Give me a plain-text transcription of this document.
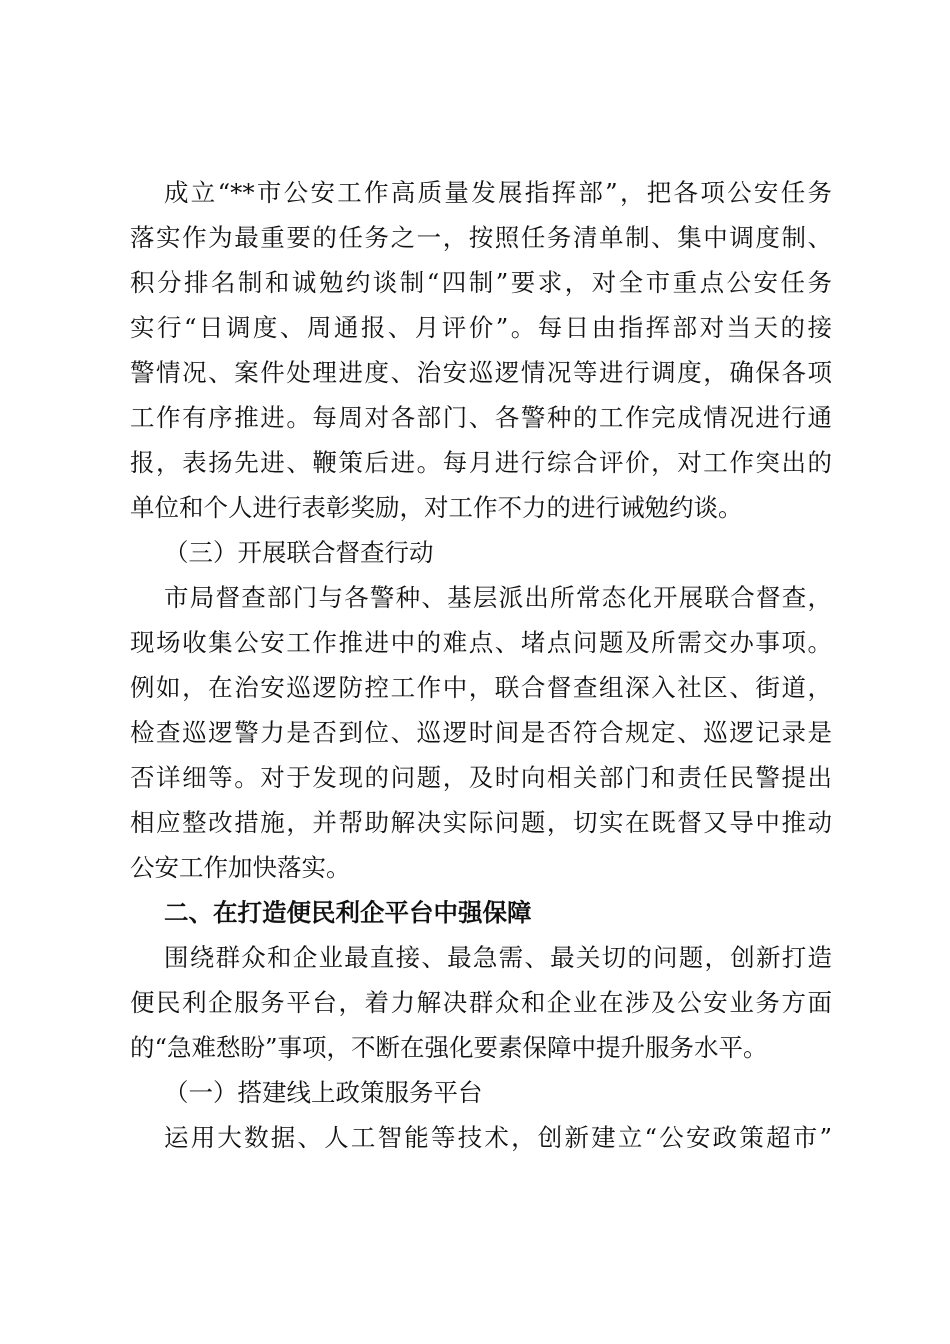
成立“**市公安工作高质量发展指挥部”，把各项公安任务
落实作为最重要的任务之一，按照任务清单制、集中调度制、
积分排名制和诚勉约谈制“四制”要求，对全市重点公安任务
实行“日调度、周通报、月评价”。每日由指挥部对当天的接
警情况、案件处理进度、治安巡逻情况等进行调度，确保各项
工作有序推进。每周对各部门、各警种的工作完成情况进行通
报，表扬先进、鞭策后进。每月进行综合评价，对工作突出的
单位和个人进行表彰奖励，对工作不力的进行诫勉约谈。
（三）开展联合督查行动
市局督查部门与各警种、基层派出所常态化开展联合督查，
现场收集公安工作推进中的难点、堵点问题及所需交办事项。
例如，在治安巡逻防控工作中，联合督查组深入社区、街道，
检查巡逻警力是否到位、巡逻时间是否符合规定、巡逻记录是
否详细等。对于发现的问题，及时向相关部门和责任民警提出
相应整改措施，并帮助解决实际问题，切实在既督又导中推动
公安工作加快落实。
二、在打造便民利企平台中强保障
围绕群众和企业最直接、最急需、最关切的问题，创新打造
便民利企服务平台，着力解决群众和企业在涉及公安业务方面
的“急难愁盼”事项，不断在强化要素保障中提升服务水平。
（一）搭建线上政策服务平台
运用大数据、人工智能等技术，创新建立“公安政策超市”
